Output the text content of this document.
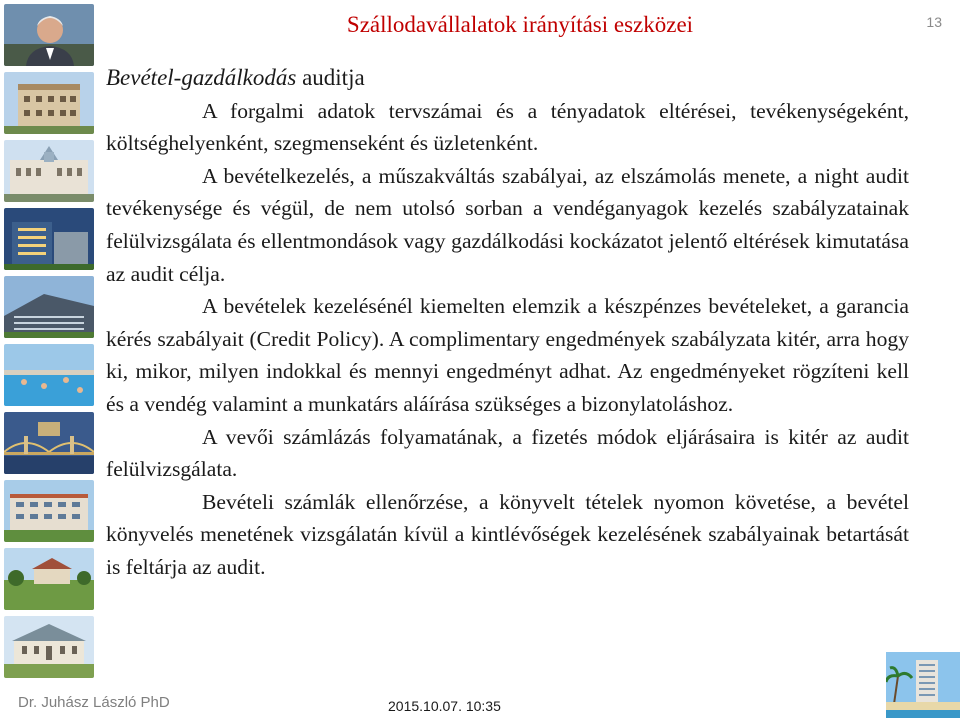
Szállodavállalatok irányítási eszközei	13

Bevétel-gazdálkodás auditja

A forgalmi adatok tervszámai és a tényadatok eltérései, tevékenységeként, költséghelyenként, szegmenseként és üzletenként.

A bevételkezelés, a műszakváltás szabályai, az elszámolás menete, a night audit tevékenysége és végül, de nem utolsó sorban a vendéganyagok kezelés szabályzatainak felülvizsgálata és ellentmondások vagy gazdálkodási kockázatot jelentő eltérések kimutatása az audit célja.

A bevételek kezelésénél kiemelten elemzik a készpénzes bevételeket, a garancia kérés szabályait (Credit Policy). A complimentary engedmények szabályzata kitér, arra hogy ki, mikor, milyen indokkal és mennyi engedményt adhat. Az engedményeket rögzíteni kell és a vendég valamint a munkatárs aláírása szükséges a bizonylatoláshoz.

A vevői számlázás folyamatának, a fizetés módok eljárásaira is kitér az audit felülvizsgálata.

Bevételi számlák ellenőrzése, a könyvelt tételek nyomon követése, a bevétel könyvelés menetének vizsgálatán kívül a kintlévőségek kezelésének szabályainak betartását is feltárja az audit.

Dr. Juhász László PhD	2015.10.07. 10:35
